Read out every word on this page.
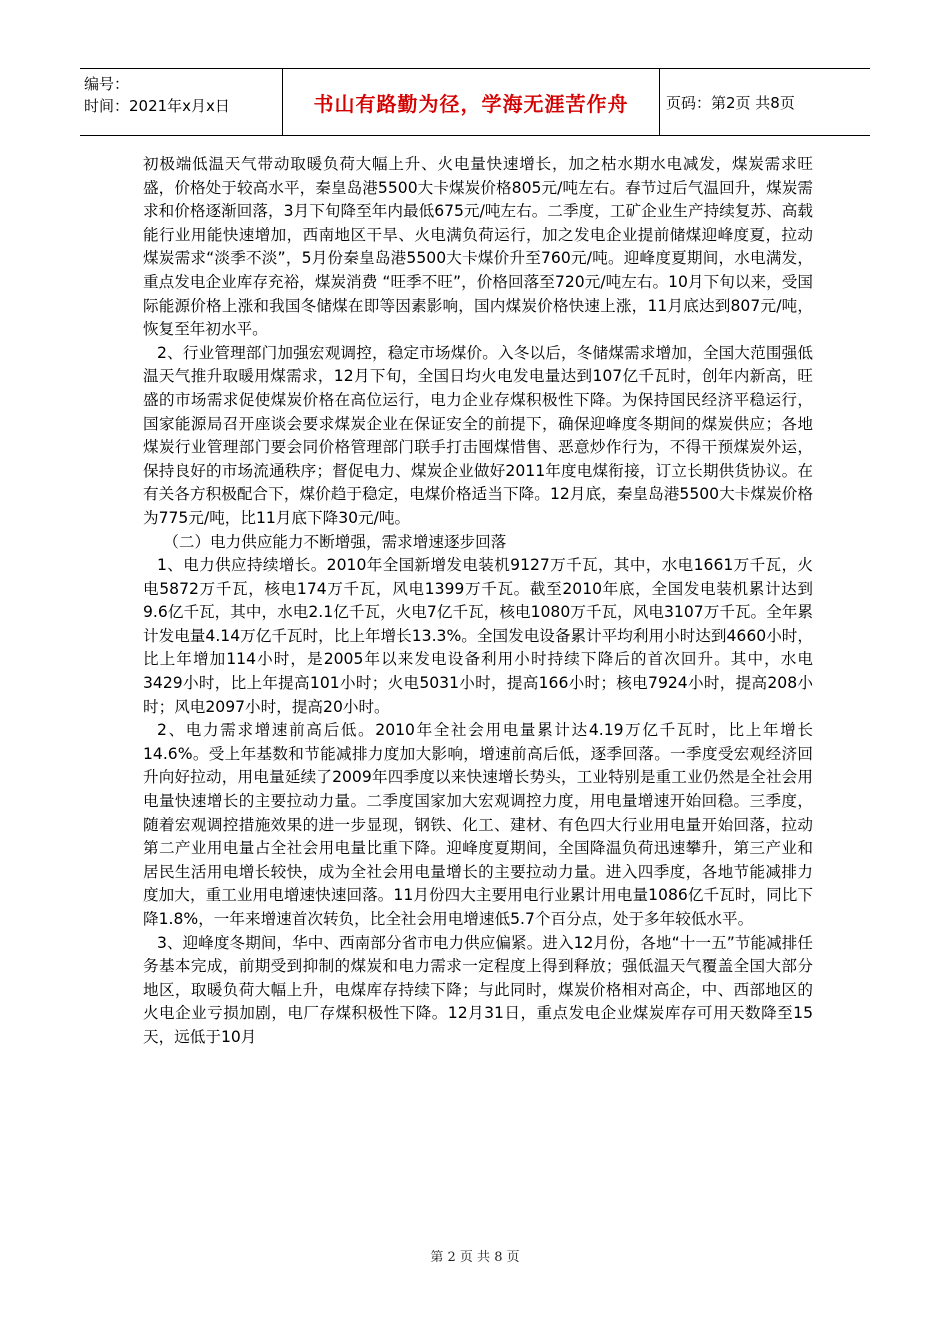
编号：
时间：2021年x月x日	书山有路勤为径，学海无涯苦作舟	页码：第2页 共8页

初极端低温天气带动取暖负荷大幅上升、火电量快速增长，加之枯水期水电减发，煤炭需求旺盛，价格处于较高水平，秦皇岛港5500大卡煤炭价格805元/吨左右。春节过后气温回升，煤炭需求和价格逐渐回落，3月下旬降至年内最低675元/吨左右。二季度，工矿企业生产持续复苏、高载能行业用能快速增加，西南地区干旱、火电满负荷运行，加之发电企业提前储煤迎峰度夏，拉动煤炭需求“淡季不淡”，5月份秦皇岛港5500大卡煤价升至760元/吨。迎峰度夏期间，水电满发，重点发电企业库存充裕，煤炭消费 “旺季不旺”，价格回落至720元/吨左右。10月下旬以来，受国际能源价格上涨和我国冬储煤在即等因素影响，国内煤炭价格快速上涨，11月底达到807元/吨，恢复至年初水平。

2、行业管理部门加强宏观调控，稳定市场煤价。入冬以后，冬储煤需求增加，全国大范围强低温天气推升取暖用煤需求，12月下旬，全国日均火电发电量达到107亿千瓦时，创年内新高，旺盛的市场需求促使煤炭价格在高位运行，电力企业存煤积极性下降。为保持国民经济平稳运行，国家能源局召开座谈会要求煤炭企业在保证安全的前提下，确保迎峰度冬期间的煤炭供应；各地煤炭行业管理部门要会同价格管理部门联手打击囤煤惜售、恶意炒作行为，不得干预煤炭外运，保持良好的市场流通秩序；督促电力、煤炭企业做好2011年度电煤衔接，订立长期供货协议。在有关各方积极配合下，煤价趋于稳定，电煤价格适当下降。12月底，秦皇岛港5500大卡煤炭价格为775元/吨，比11月底下降30元/吨。

（二）电力供应能力不断增强，需求增速逐步回落

1、电力供应持续增长。2010年全国新增发电装机9127万千瓦，其中，水电1661万千瓦，火电5872万千瓦，核电174万千瓦，风电1399万千瓦。截至2010年底，全国发电装机累计达到9.6亿千瓦，其中，水电2.1亿千瓦，火电7亿千瓦，核电1080万千瓦，风电3107万千瓦。全年累计发电量4.14万亿千瓦时，比上年增长13.3%。全国发电设备累计平均利用小时达到4660小时，比上年增加114小时，是2005年以来发电设备利用小时持续下降后的首次回升。其中，水电3429小时，比上年提高101小时；火电5031小时，提高166小时；核电7924小时，提高208小时；风电2097小时，提高20小时。

2、电力需求增速前高后低。2010年全社会用电量累计达4.19万亿千瓦时，比上年增长14.6%。受上年基数和节能减排力度加大影响，增速前高后低，逐季回落。一季度受宏观经济回升向好拉动，用电量延续了2009年四季度以来快速增长势头，工业特别是重工业仍然是全社会用电量快速增长的主要拉动力量。二季度国家加大宏观调控力度，用电量增速开始回稳。三季度，随着宏观调控措施效果的进一步显现，钢铁、化工、建材、有色四大行业用电量开始回落，拉动第二产业用电量占全社会用电量比重下降。迎峰度夏期间，全国降温负荷迅速攀升，第三产业和居民生活用电增长较快，成为全社会用电量增长的主要拉动力量。进入四季度，各地节能减排力度加大，重工业用电增速快速回落。11月份四大主要用电行业累计用电量1086亿千瓦时，同比下降1.8%，一年来增速首次转负，比全社会用电增速低5.7个百分点，处于多年较低水平。

3、迎峰度冬期间，华中、西南部分省市电力供应偏紧。进入12月份，各地“十一五”节能减排任务基本完成，前期受到抑制的煤炭和电力需求一定程度上得到释放；强低温天气覆盖全国大部分地区，取暖负荷大幅上升，电煤库存持续下降；与此同时，煤炭价格相对高企，中、西部地区的火电企业亏损加剧，电厂存煤积极性下降。12月31日，重点发电企业煤炭库存可用天数降至15天，远低于10月

第 2 页 共 8 页
